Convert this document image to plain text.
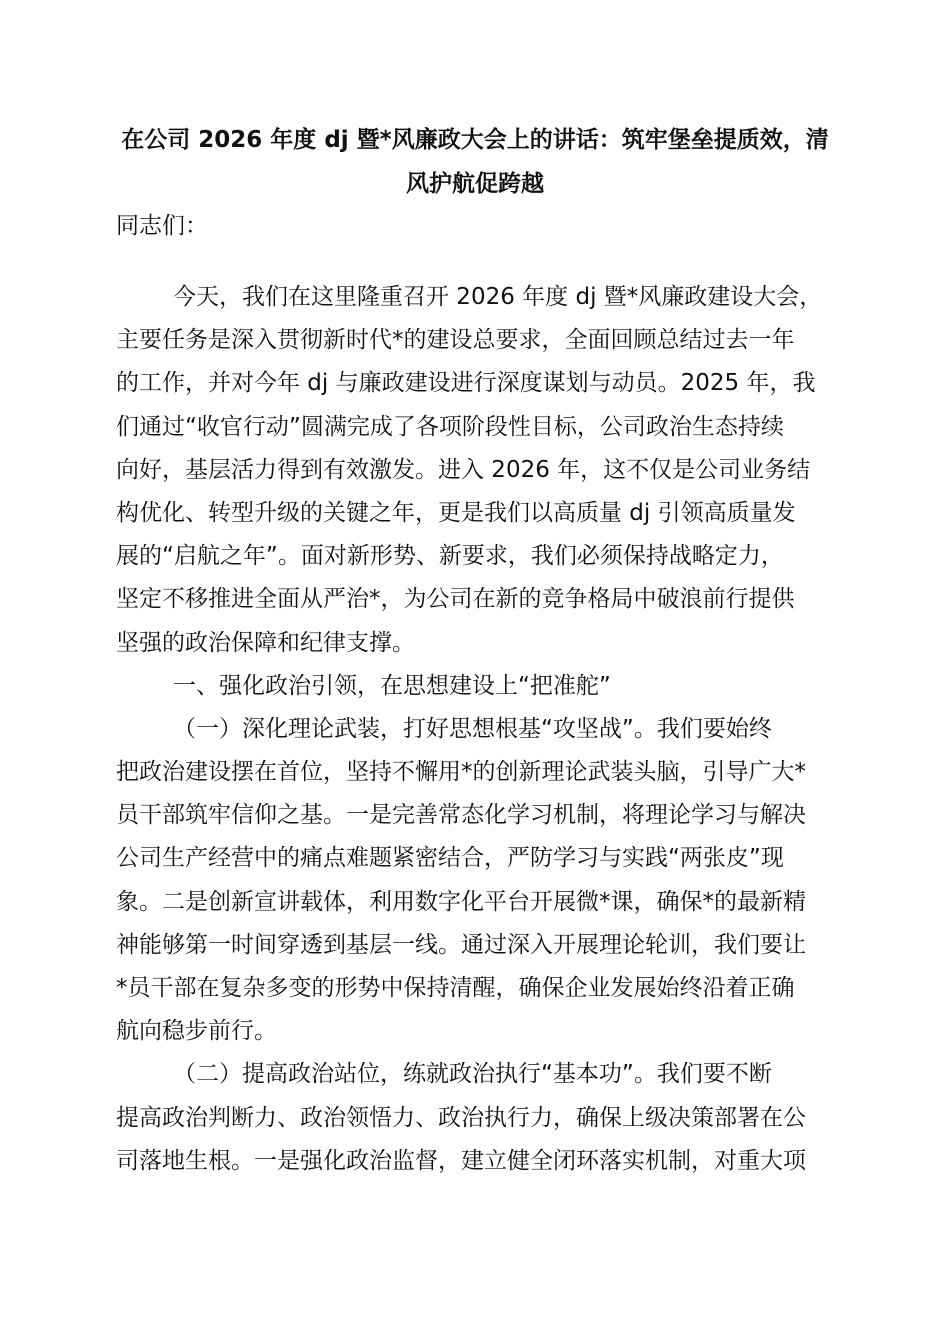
在公司 2026 年度 dj 暨*风廉政大会上的讲话：筑牢堡垒提质效，清
风护航促跨越
同志们：
今天，我们在这里隆重召开 2026 年度 dj 暨*风廉政建设大会，
主要任务是深入贯彻新时代*的建设总要求，全面回顾总结过去一年
的工作，并对今年 dj 与廉政建设进行深度谋划与动员。2025 年，我
们通过“收官行动”圆满完成了各项阶段性目标，公司政治生态持续
向好，基层活力得到有效激发。进入 2026 年，这不仅是公司业务结
构优化、转型升级的关键之年，更是我们以高质量 dj 引领高质量发
展的“启航之年”。面对新形势、新要求，我们必须保持战略定力，
坚定不移推进全面从严治*，为公司在新的竞争格局中破浪前行提供
坚强的政治保障和纪律支撑。
一、强化政治引领，在思想建设上“把准舵”
（一）深化理论武装，打好思想根基“攻坚战”。我们要始终
把政治建设摆在首位，坚持不懈用*的创新理论武装头脑，引导广大*
员干部筑牢信仰之基。一是完善常态化学习机制，将理论学习与解决
公司生产经营中的痛点难题紧密结合，严防学习与实践“两张皮”现
象。二是创新宣讲载体，利用数字化平台开展微*课，确保*的最新精
神能够第一时间穿透到基层一线。通过深入开展理论轮训，我们要让
*员干部在复杂多变的形势中保持清醒，确保企业发展始终沿着正确
航向稳步前行。
（二）提高政治站位，练就政治执行“基本功”。我们要不断
提高政治判断力、政治领悟力、政治执行力，确保上级决策部署在公
司落地生根。一是强化政治监督，建立健全闭环落实机制，对重大项
